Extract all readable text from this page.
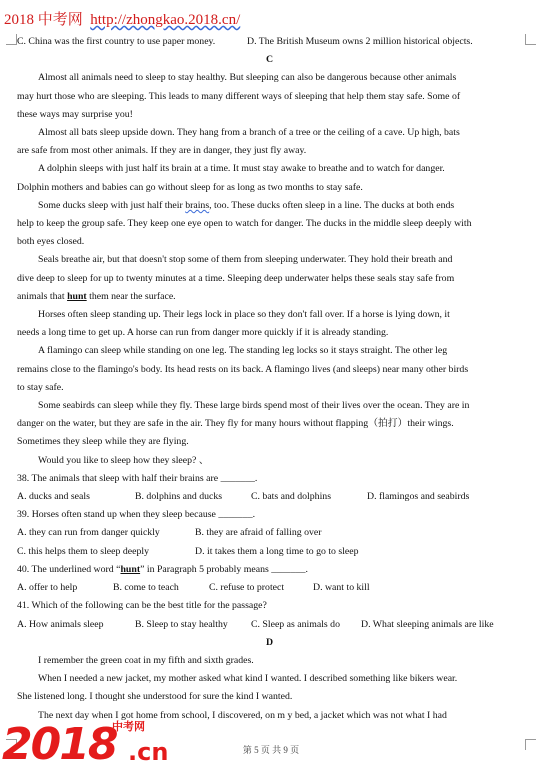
2018 中考网 http://zhongkao.2018.cn/
C. China was the first country to use paper money.	D. The British Museum owns 2 million historical objects.
C
Almost all animals need to sleep to stay healthy. But sleeping can also be dangerous because other animals
may hurt those who are sleeping. This leads to many different ways of sleeping that help them stay safe. Some of
these ways may surprise you!
Almost all bats sleep upside down. They hang from a branch of a tree or the ceiling of a cave. Up high, bats
are safe from most other animals. If they are in danger, they just fly away.
A dolphin sleeps with just half its brain at a time. It must stay awake to breathe and to watch for danger.
Dolphin mothers and babies can go without sleep for as long as two months to stay safe.
Some ducks sleep with just half their brains, too. These ducks often sleep in a line. The ducks at both ends
help to keep the group safe. They keep one eye open to watch for danger. The ducks in the middle sleep deeply with
both eyes closed.
Seals breathe air, but that doesn't stop some of them from sleeping underwater. They hold their breath and
dive deep to sleep for up to twenty minutes at a time. Sleeping deep underwater helps these seals stay safe from
animals that hunt them near the surface.
Horses often sleep standing up. Their legs lock in place so they don't fall over. If a horse is lying down, it
needs a long time to get up. A horse can run from danger more quickly if it is already standing.
A flamingo can sleep while standing on one leg. The standing leg locks so it stays straight. The other leg
remains close to the flamingo's body. Its head rests on its back. A flamingo lives (and sleeps) near many other birds
to stay safe.
Some seabirds can sleep while they fly. These large birds spend most of their lives over the ocean. They are in
danger on the water, but they are safe in the air. They fly for many hours without flapping（拍打）their wings.
Sometimes they sleep while they are flying.
Would you like to sleep how they sleep? 、
38. The animals that sleep with half their brains are _______.
A. ducks and seals	B. dolphins and ducks	C. bats and dolphins	D. flamingos and seabirds
39. Horses often stand up when they sleep because _______.
A. they can run from danger quickly	B. they are afraid of falling over
C. this helps them to sleep deeply	D. it takes them a long time to go to sleep
40. The underlined word “hunt” in Paragraph 5 probably means _______.
A. offer to help	B. come to teach	C. refuse to protect	D. want to kill
41. Which of the following can be the best title for the passage?
A. How animals sleep	B. Sleep to stay healthy	C. Sleep as animals do	D. What sleeping animals are like
D
I remember the green coat in my fifth and sixth grades.
When I needed a new jacket, my mother asked what kind I wanted. I described something like bikers wear.
She listened long. I thought she understood for sure the kind I wanted.
The next day when I got home from school, I discovered, on m y bed, a jacket which was not what I had
第 5 页 共 9 页
2018
中考网
.cn
